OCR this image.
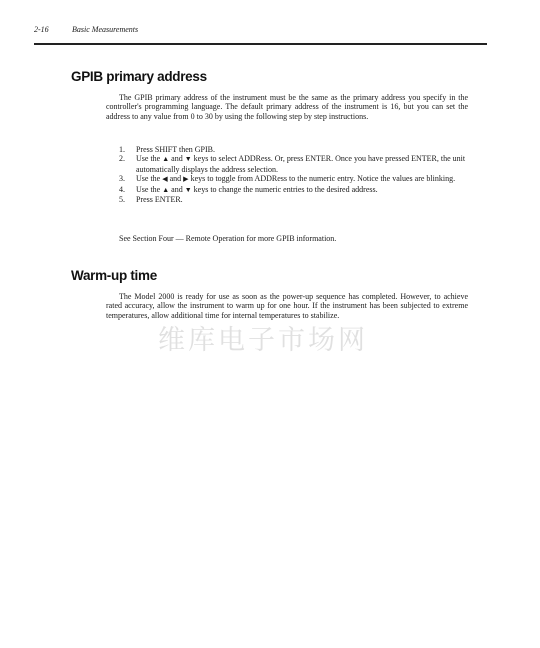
2-16	Basic Measurements
GPIB primary address

The GPIB primary address of the instrument must be the same as the primary address you specify in the controller's programming language. The default primary address of the instrument is 16, but you can set the address to any value from 0 to 30 by using the following step by step instructions.

1. Press SHIFT then GPIB.
2. Use the ▲ and ▼ keys to select ADDRess. Or, press ENTER. Once you have pressed ENTER, the unit automatically displays the address selection.
3. Use the ◀ and ▶ keys to toggle from ADDRess to the numeric entry. Notice the values are blinking.
4. Use the ▲ and ▼ keys to change the numeric entries to the desired address.
5. Press ENTER.

See Section Four — Remote Operation for more GPIB information.

Warm-up time

The Model 2000 is ready for use as soon as the power-up sequence has completed. However, to achieve rated accuracy, allow the instrument to warm up for one hour. If the instrument has been subjected to extreme temperatures, allow additional time for internal temperatures to stabilize.

维库电子市场网
